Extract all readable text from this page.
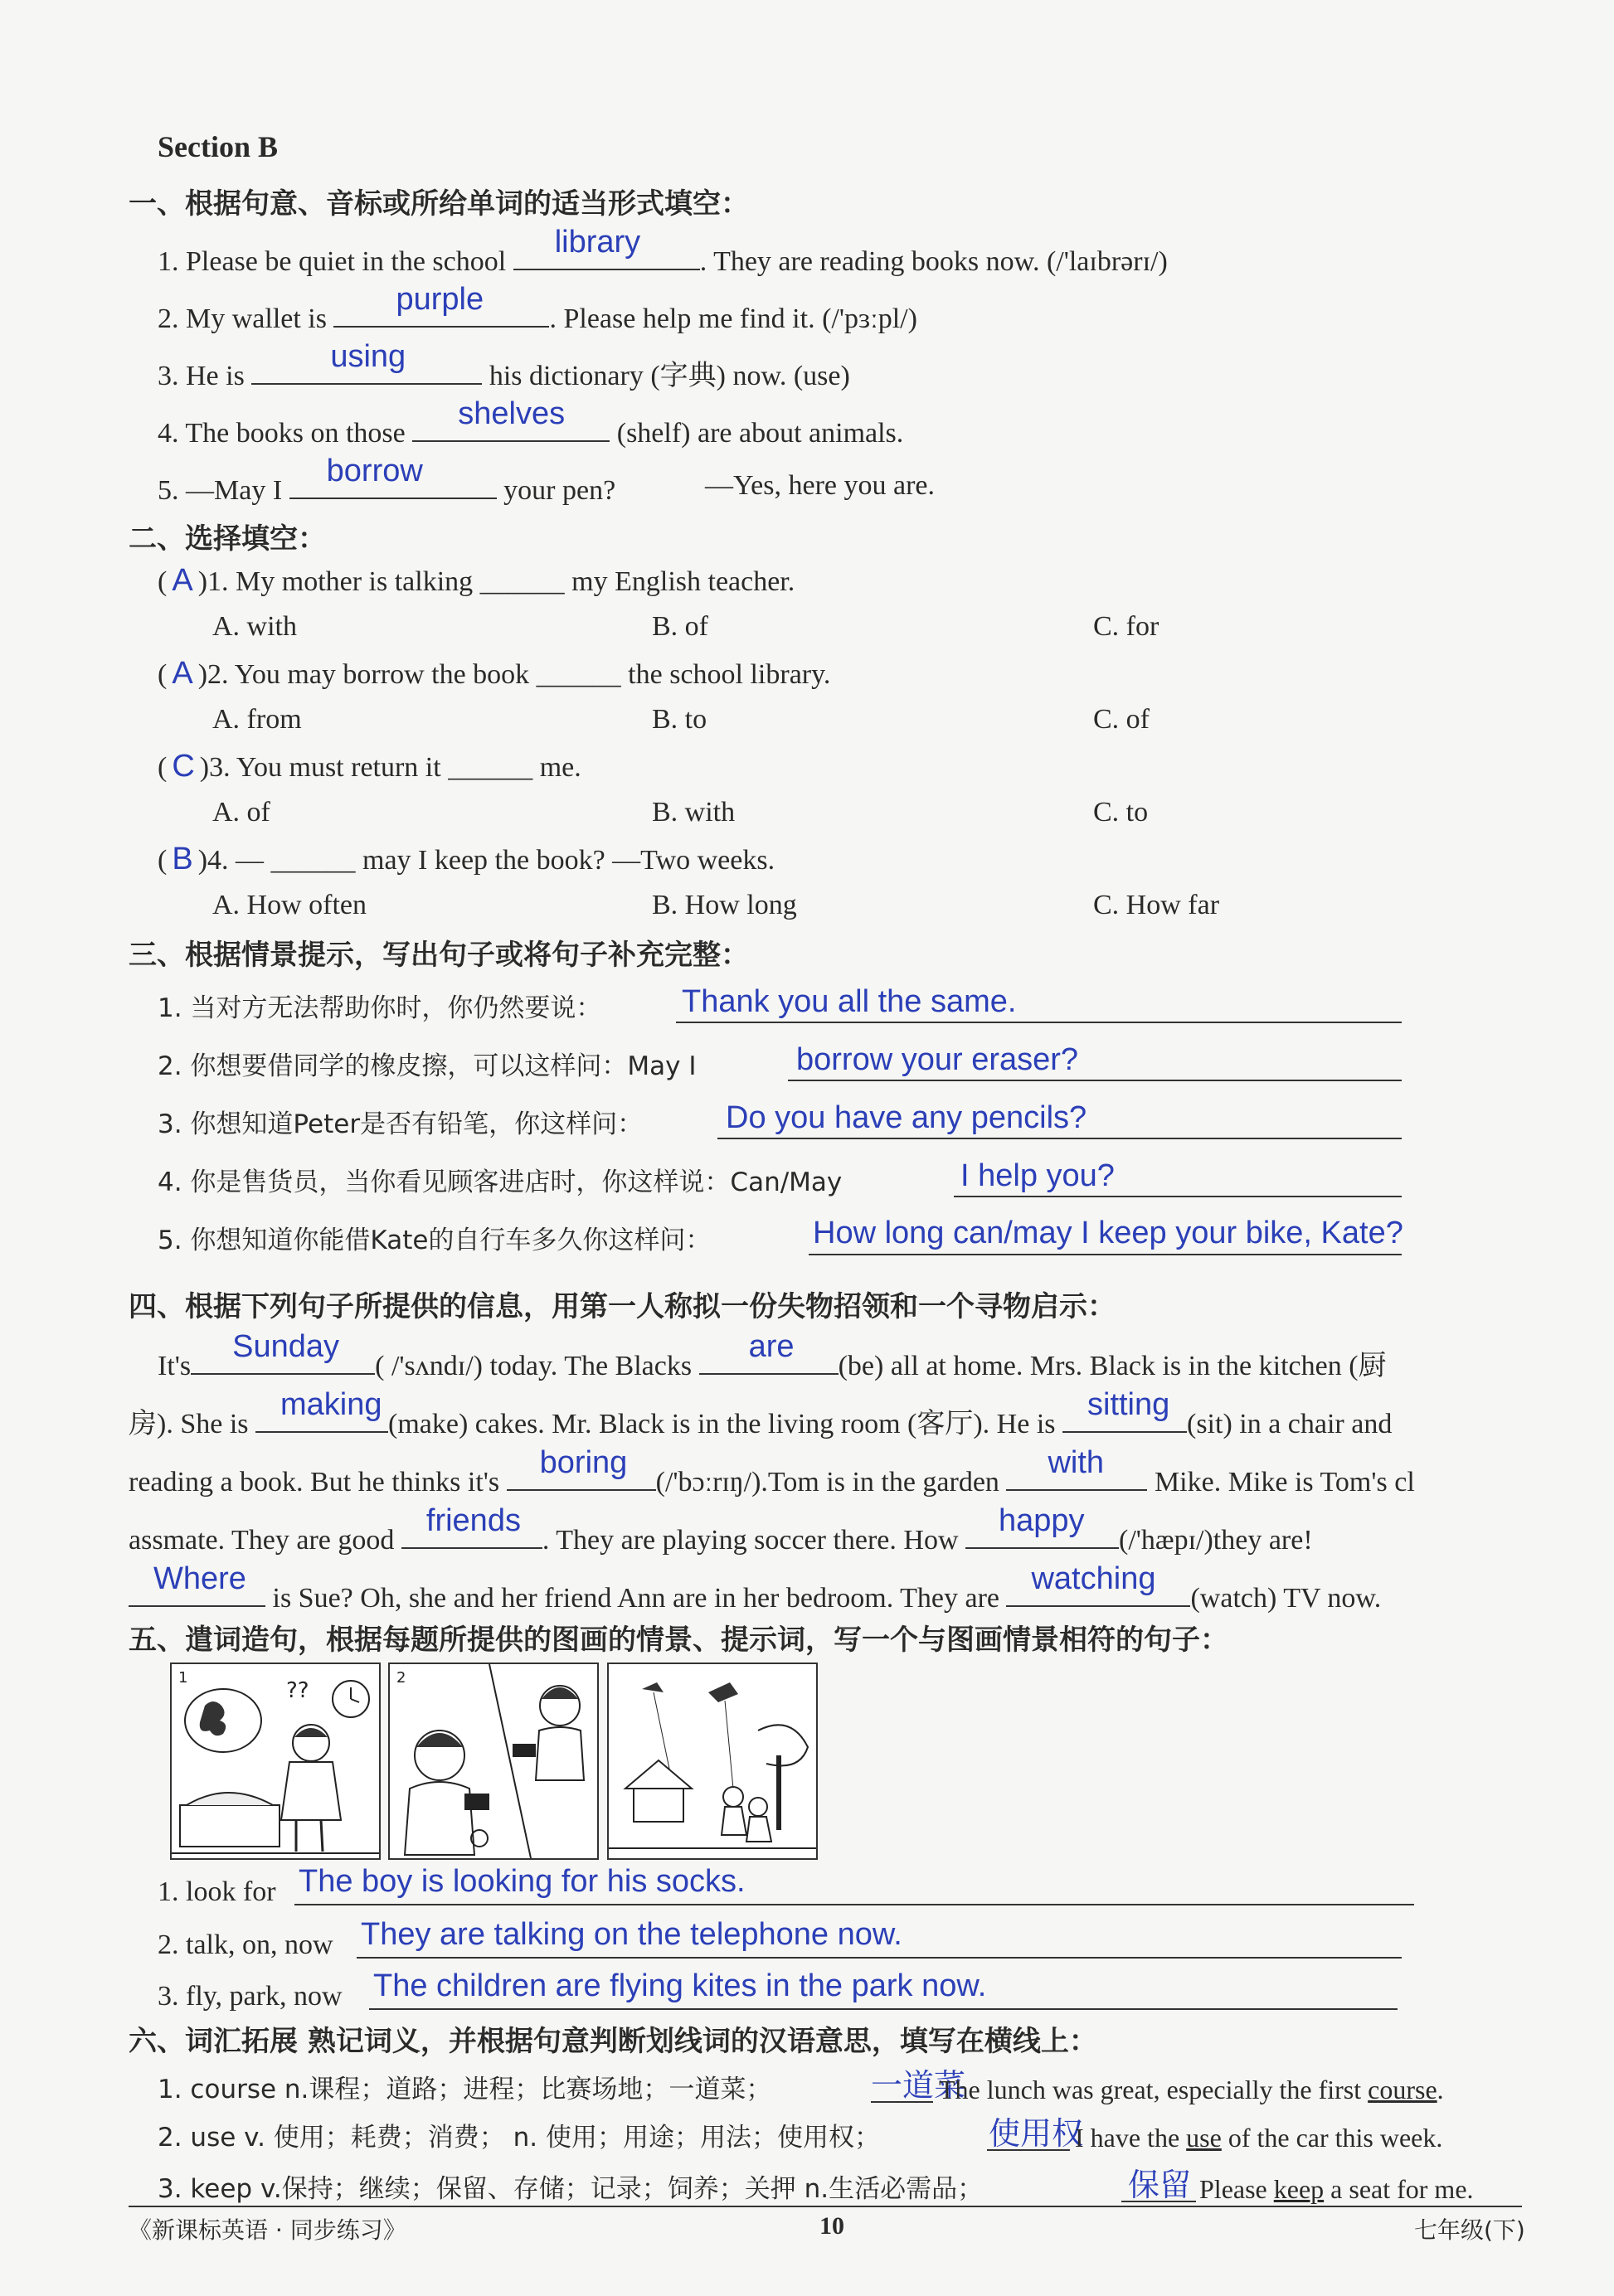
Section B
一、根据句意、音标或所给单词的适当形式填空：
1. Please be quiet in the school
library
. They are reading books now. (/'laɪbrərɪ/)
2. My wallet is
purple
. Please help me find it. (/'pɜːpl/)
3. He is
using
his dictionary (字典) now. (use)
4. The books on those
shelves
(shelf) are about animals.
5. —May I
borrow
your pen?	—Yes, here you are.
二、选择填空：
( A )1. My mother is talking ______ my English teacher.
A. with	B. of	C. for
( A )2. You may borrow the book ______ the school library.
A. from	B. to	C. of
( C )3. You must return it ______ me.
A. of	B. with	C. to
( B )4. — ______ may I keep the book? —Two weeks.
A. How often	B. How long	C. How far
三、根据情景提示，写出句子或将句子补充完整：
1. 当对方无法帮助你时，你仍然要说：	Thank you all the same.
2. 你想要借同学的橡皮擦，可以这样问：May I	borrow your eraser?
3. 你想知道Peter是否有铅笔，你这样问：	Do you have any pencils?
4. 你是售货员，当你看见顾客进店时，你这样说：Can/May	I help you?
5. 你想知道你能借Kate的自行车多久你这样问：	How long can/may I keep your bike, Kate?
四、根据下列句子所提供的信息，用第一人称拟一份失物招领和一个寻物启示：
It's
Sunday
( /'sʌndɪ/) today. The Blacks
are
(be) all at home. Mrs. Black is in the kitchen (厨
房). She is
making
(make) cakes. Mr. Black is in the living room (客厅). He is
sitting
(sit) in a chair and
reading a book. But he thinks it's
boring
(/'bɔːrɪŋ/).Tom is in the garden
with
Mike. Mike is Tom's cl
assmate. They are good
friends
. They are playing soccer there. How
happy
(/'hæpɪ/)they are!
Where
is Sue? Oh, she and her friend Ann are in her bedroom. They are
watching
(watch) TV now.
五、遣词造句，根据每题所提供的图画的情景、提示词，写一个与图画情景相符的句子：
1
??
2
1. look for The boy is looking for his socks.
2. talk, on, now They are talking on the telephone now.
3. fly, park, now The children are flying kites in the park now.
六、词汇拓展 熟记词义，并根据句意判断划线词的汉语意思，填写在横线上：
1. course n.课程；道路；进程；比赛场地；一道菜；	一道菜
The lunch was great, especially the first course.
2. use v. 使用；耗费；消费； n. 使用；用途；用法；使用权；	使用权
I have the use of the car this week.
3. keep v.保持；继续；保留、存储；记录；饲养；关押 n.生活必需品；	保留 Please keep a seat for me.
《新课标英语 · 同步练习》	10	七年级(下)
